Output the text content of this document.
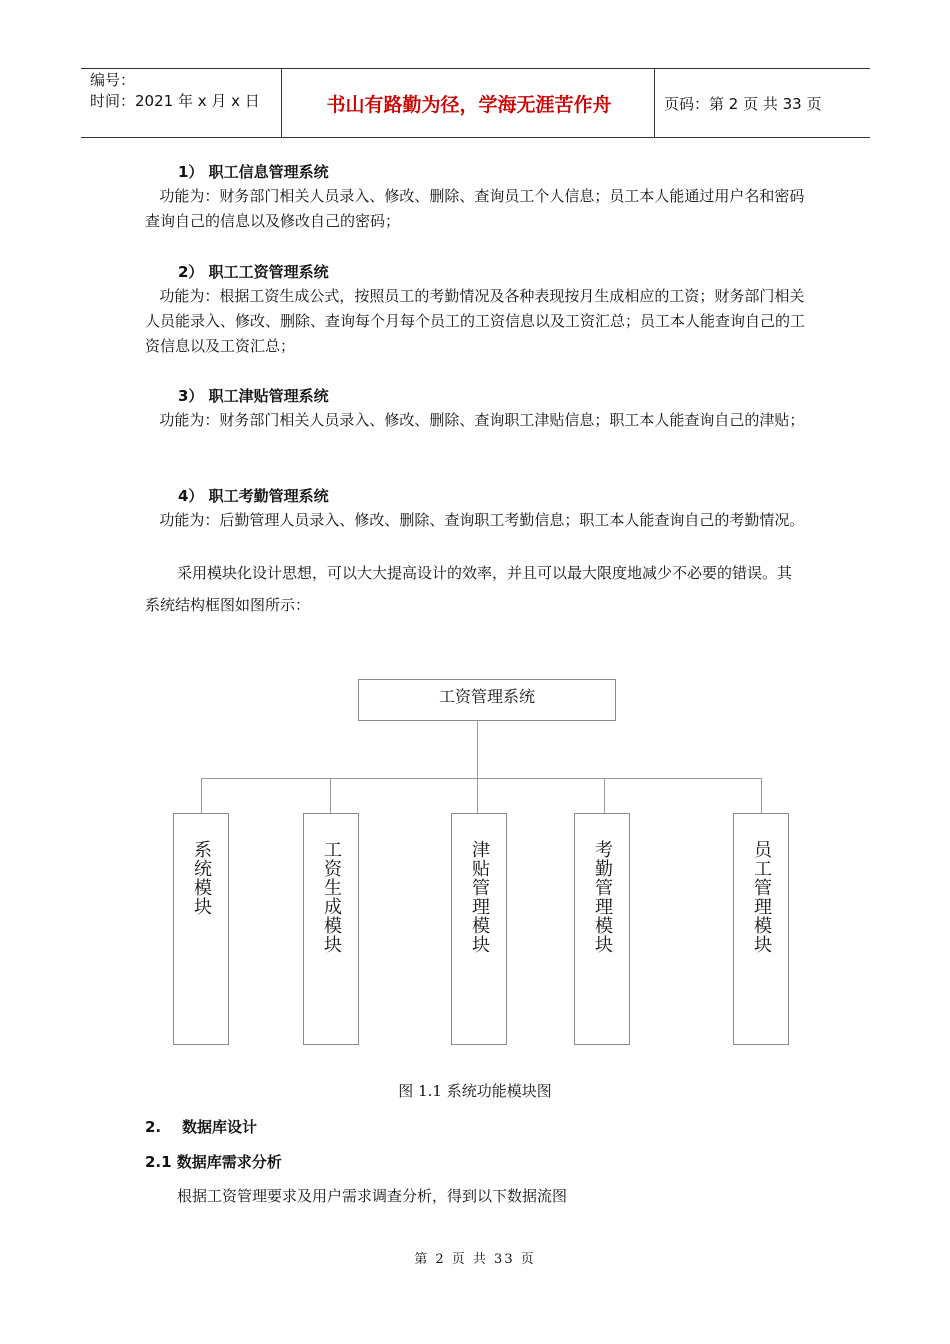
编号：
时间：2021 年 x 月 x 日	书山有路勤为径，学海无涯苦作舟	页码：第 2 页 共 33 页
1） 职工信息管理系统

功能为：财务部门相关人员录入、修改、删除、查询员工个人信息；员工本人能通过用户名和密码查询自己的信息以及修改自己的密码；

2） 职工工资管理系统

功能为：根据工资生成公式，按照员工的考勤情况及各种表现按月生成相应的工资；财务部门相关人员能录入、修改、删除、查询每个月每个员工的工资信息以及工资汇总；员工本人能查询自己的工资信息以及工资汇总；

3） 职工津贴管理系统

功能为：财务部门相关人员录入、修改、删除、查询职工津贴信息；职工本人能查询自己的津贴；

4） 职工考勤管理系统

功能为：后勤管理人员录入、修改、删除、查询职工考勤信息；职工本人能查询自己的考勤情况。

采用模块化设计思想，可以大大提高设计的效率，并且可以最大限度地减少不必要的错误。其系统结构框图如图所示：

工资管理系统
系统模块	工资生成模块	津贴管理模块	考勤管理模块	员工管理模块
图 1.1 系统功能模块图
2.    数据库设计
2.1 数据库需求分析

根据工资管理要求及用户需求调查分析，得到以下数据流图

第 2 页 共 33 页
